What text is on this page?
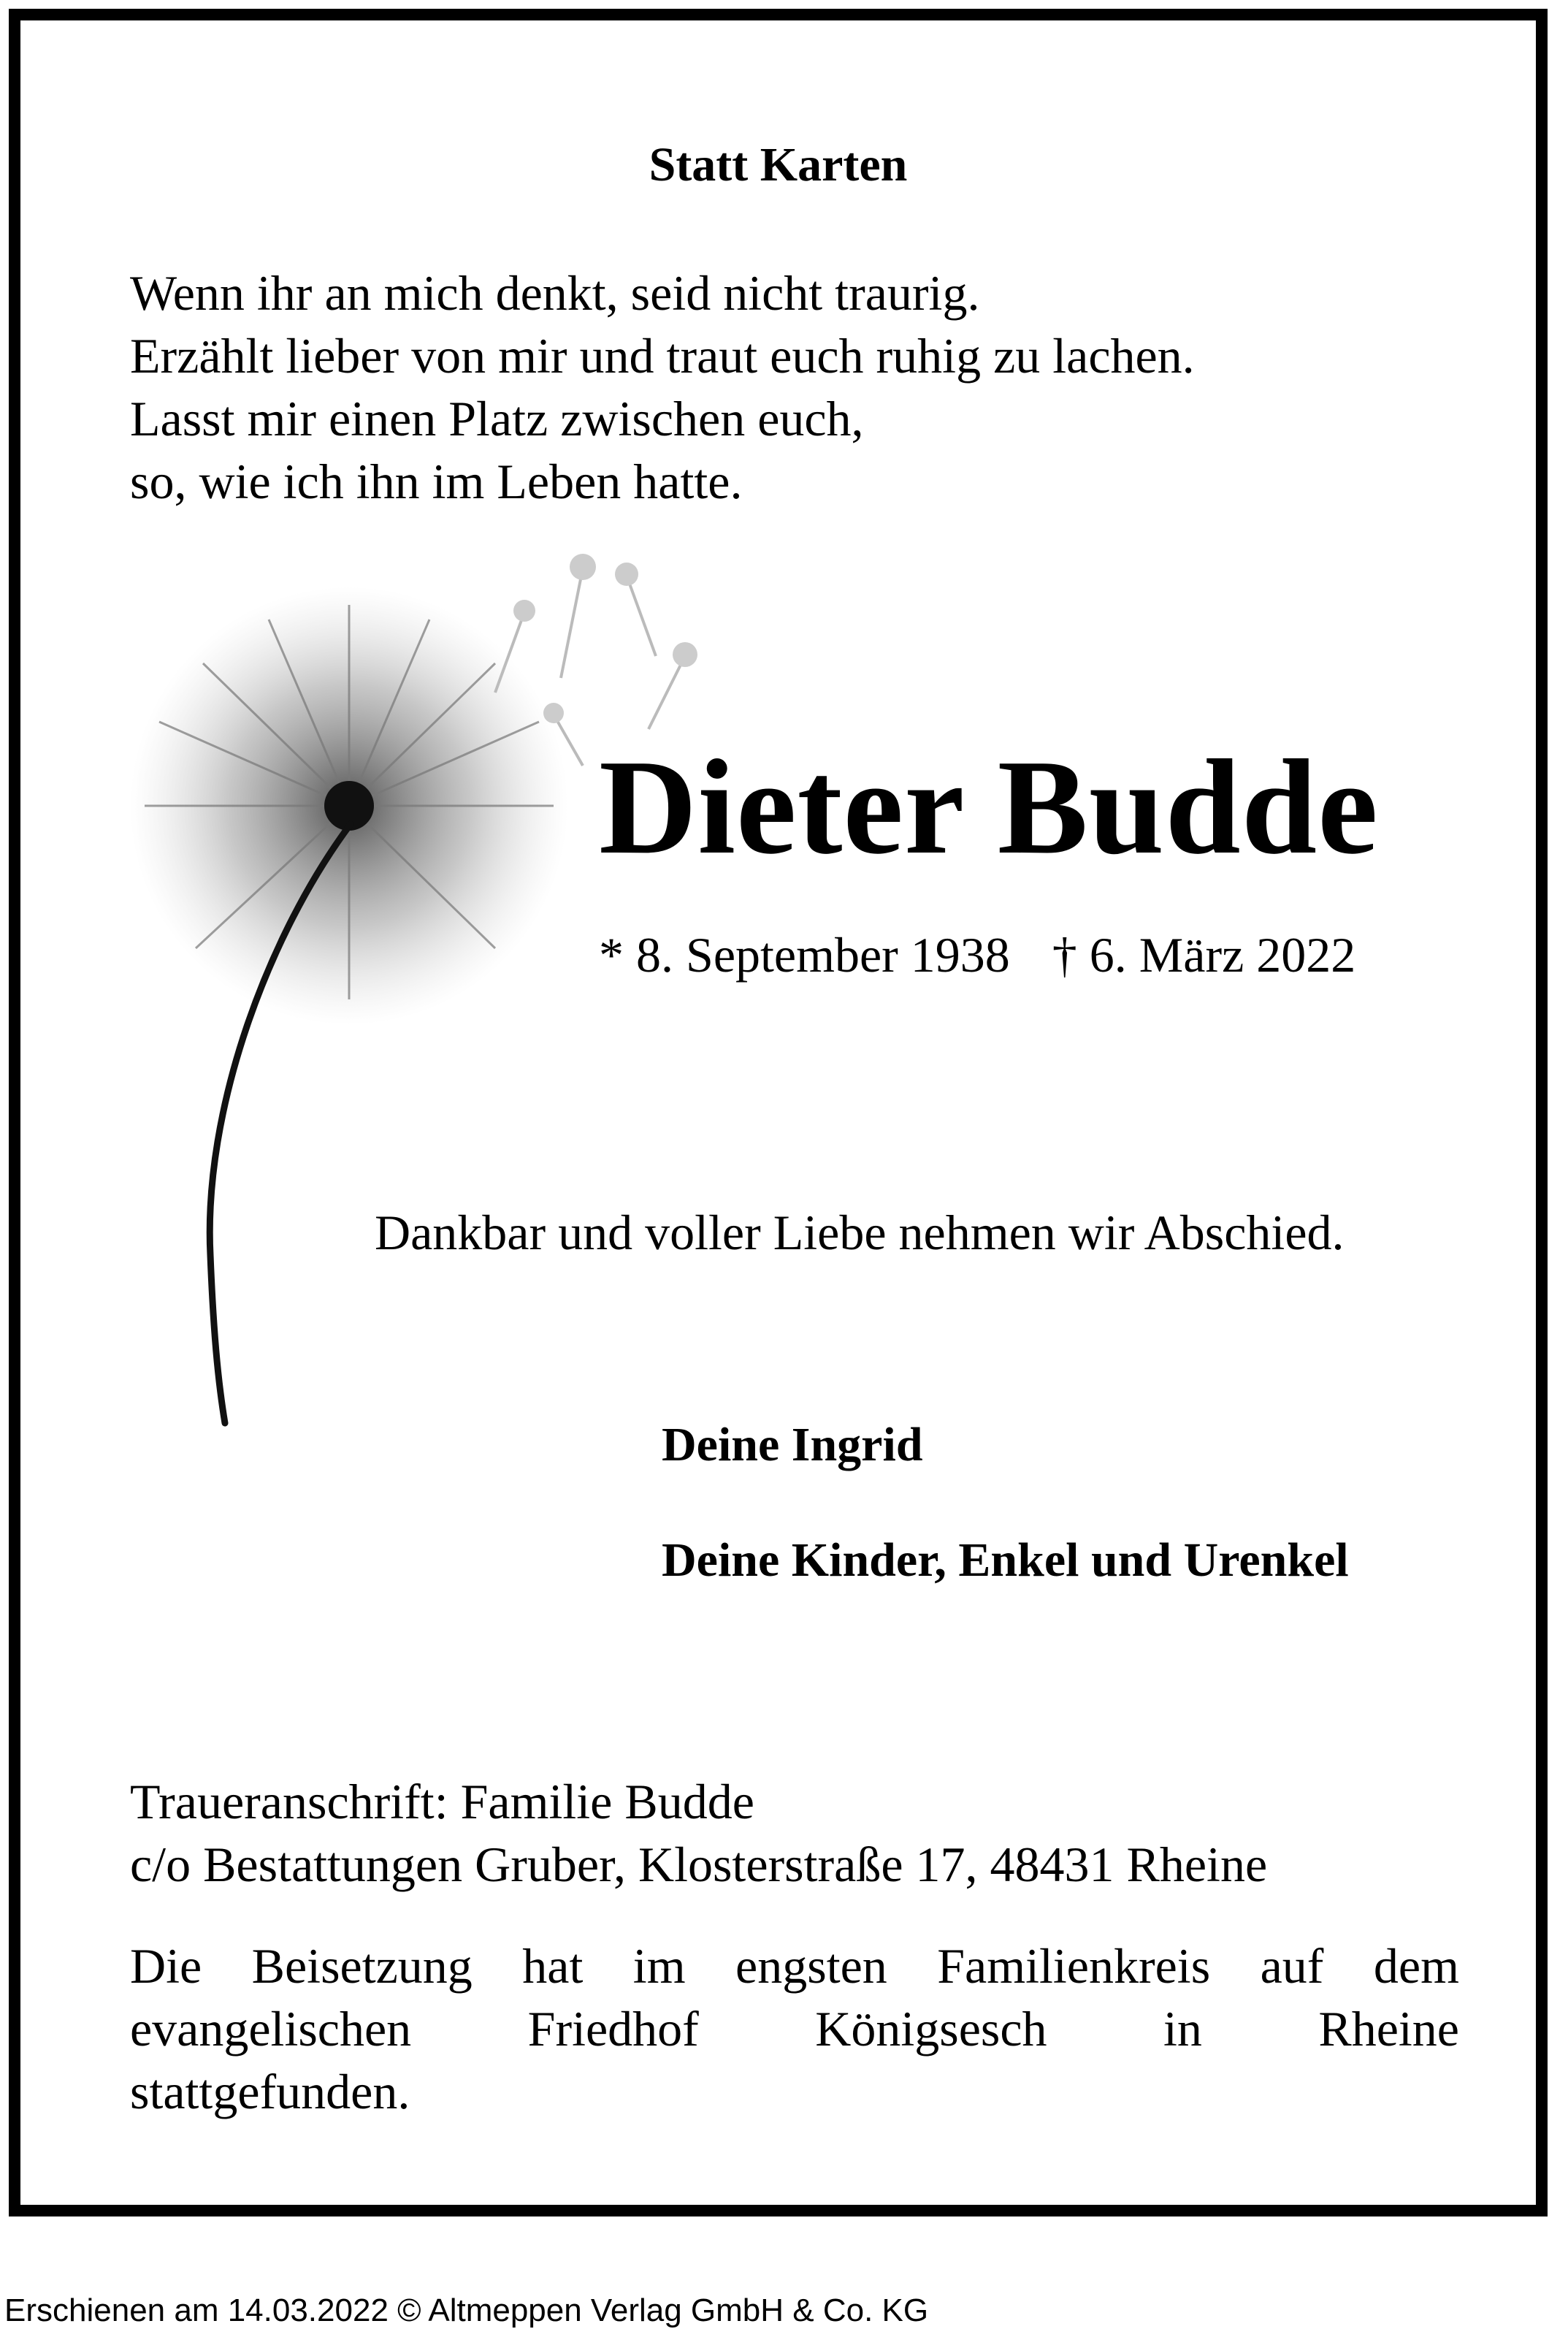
Statt Karten
Wenn ihr an mich denkt, seid nicht traurig.
Erzählt lieber von mir und traut euch ruhig zu lachen.
Lasst mir einen Platz zwischen euch,
so, wie ich ihn im Leben hatte.
Dieter Budde
* 8. September 1938 † 6. März 2022
Dankbar und voller Liebe nehmen wir Abschied.
Deine Ingrid
Deine Kinder, Enkel und Urenkel
Traueranschrift: Familie Budde
c/o Bestattungen Gruber, Klosterstraße 17, 48431 Rheine
Die Beisetzung hat im engsten Familienkreis auf dem
evangelischen Friedhof Königsesch in Rheine
stattgefunden.
Erschienen am 14.03.2022 © Altmeppen Verlag GmbH & Co. KG
